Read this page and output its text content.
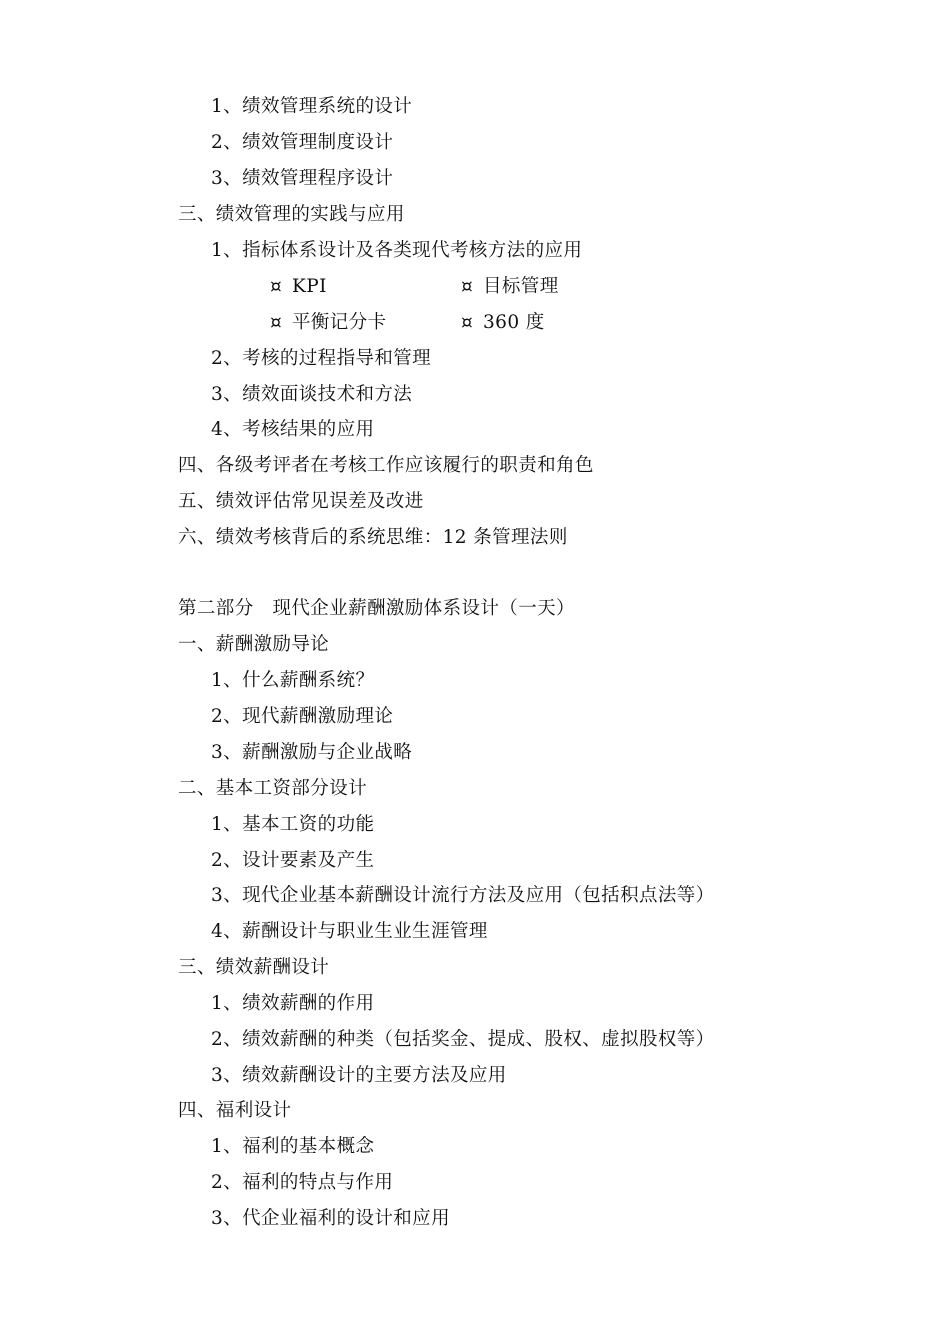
1、绩效管理系统的设计
2、绩效管理制度设计
3、绩效管理程序设计
三、绩效管理的实践与应用
1、指标体系设计及各类现代考核方法的应用
¤ KPI	¤ 目标管理
¤ 平衡记分卡	¤ 360 度
2、考核的过程指导和管理
3、绩效面谈技术和方法
4、考核结果的应用
四、各级考评者在考核工作应该履行的职责和角色
五、绩效评估常见误差及改进
六、绩效考核背后的系统思维：12 条管理法则
第二部分　现代企业薪酬激励体系设计（一天）
一、薪酬激励导论
1、什么薪酬系统？
2、现代薪酬激励理论
3、薪酬激励与企业战略
二、基本工资部分设计
1、基本工资的功能
2、设计要素及产生
3、现代企业基本薪酬设计流行方法及应用（包括积点法等）
4、薪酬设计与职业生业生涯管理
三、绩效薪酬设计
1、绩效薪酬的作用
2、绩效薪酬的种类（包括奖金、提成、股权、虚拟股权等）
3、绩效薪酬设计的主要方法及应用
四、福利设计
1、福利的基本概念
2、福利的特点与作用
3、代企业福利的设计和应用
